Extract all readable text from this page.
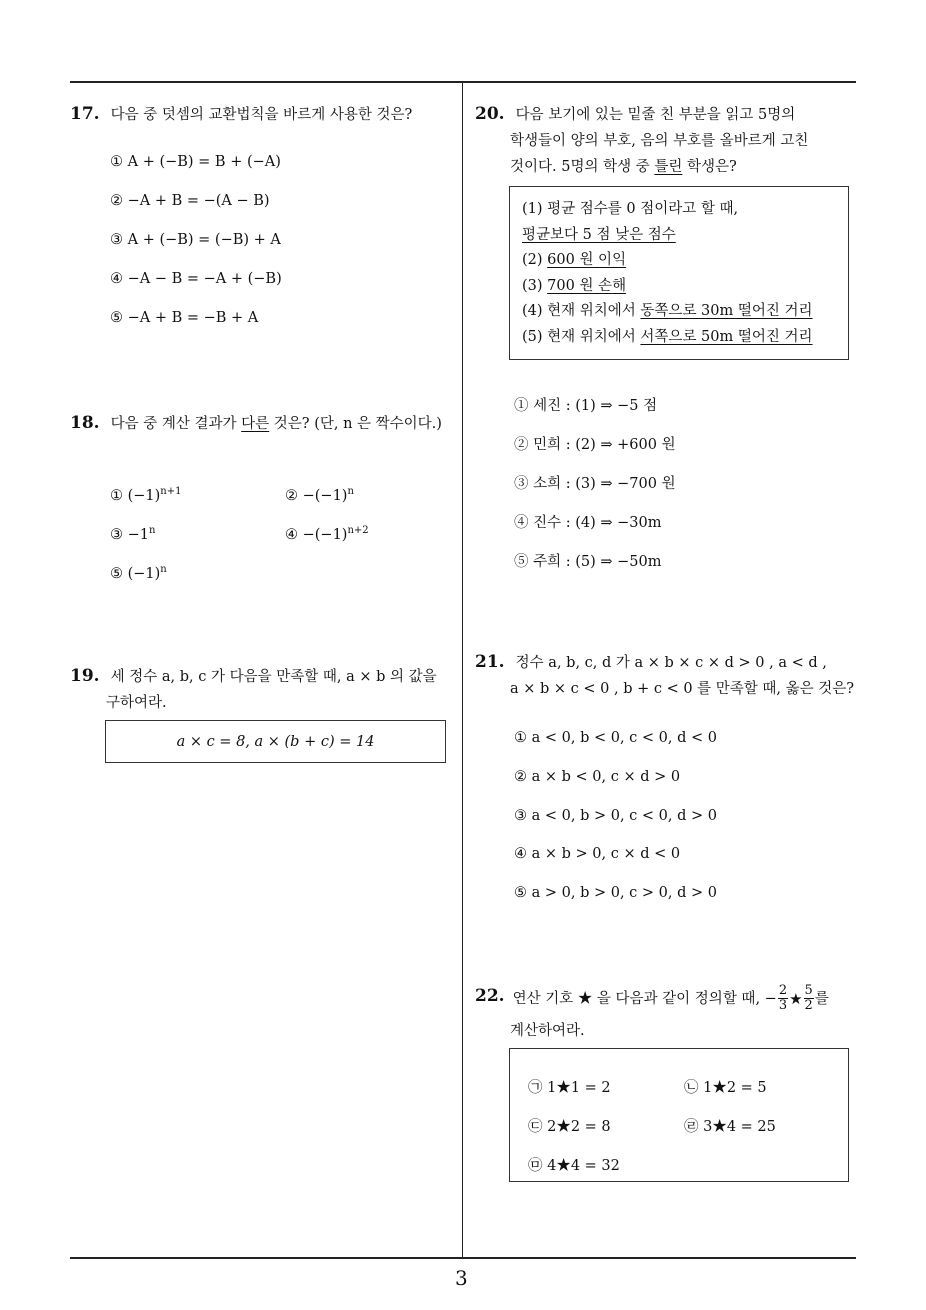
17. 다음 중 덧셈의 교환법칙을 바르게 사용한 것은?
① A + (−B) = B + (−A)
② −A + B = −(A − B)
③ A + (−B) = (−B) + A
④ −A − B = −A + (−B)
⑤ −A + B = −B + A
18. 다음 중 계산 결과가 다른 것은? (단, n 은 짝수이다.)
① $(-1)^{n+1}$	② $-(-1)^n$
③ $-1^n$	④ $-(-1)^{n+2}$
⑤ $(-1)^n$
19. 세 정수 a, b, c 가 다음을 만족할 때, a × b 의 값을
구하여라.
a × c = 8, a × (b + c) = 14
20. 다음 보기에 있는 밑줄 친 부분을 읽고 5명의
학생들이 양의 부호, 음의 부호를 올바르게 고친
것이다. 5명의 학생 중 틀린 학생은?
(1) 평균 점수를 0 점이라고 할 때,
평균보다 5 점 낮은 점수
(2) 600 원 이익
(3) 700 원 손해
(4) 현재 위치에서 동쪽으로 30m 떨어진 거리
(5) 현재 위치에서 서쪽으로 50m 떨어진 거리
① 세진 : (1) ⇒ −5 점
② 민희 : (2) ⇒ +600 원
③ 소희 : (3) ⇒ −700 원
④ 진수 : (4) ⇒ −30m
⑤ 주희 : (5) ⇒ −50m
21. 정수 a, b, c, d 가 a × b × c × d > 0 , a < d ,
a × b × c < 0 , b + c < 0 를 만족할 때, 옳은 것은?
① a < 0, b < 0, c < 0, d < 0
② a × b < 0, c × d > 0
③ a < 0, b > 0, c < 0, d > 0
④ a × b > 0, c × d < 0
⑤ a > 0, b > 0, c > 0, d > 0
22. 연산 기호 ★ 을 다음과 같이 정의할 때, − $\frac{2}{3}$ ★ $\frac{5}{2}$ 를
계산하여라.
㉠ 1★1 = 2	㉡ 1★2 = 5
㉢ 2★2 = 8	㉣ 3★4 = 25
㉤ 4★4 = 32
3
